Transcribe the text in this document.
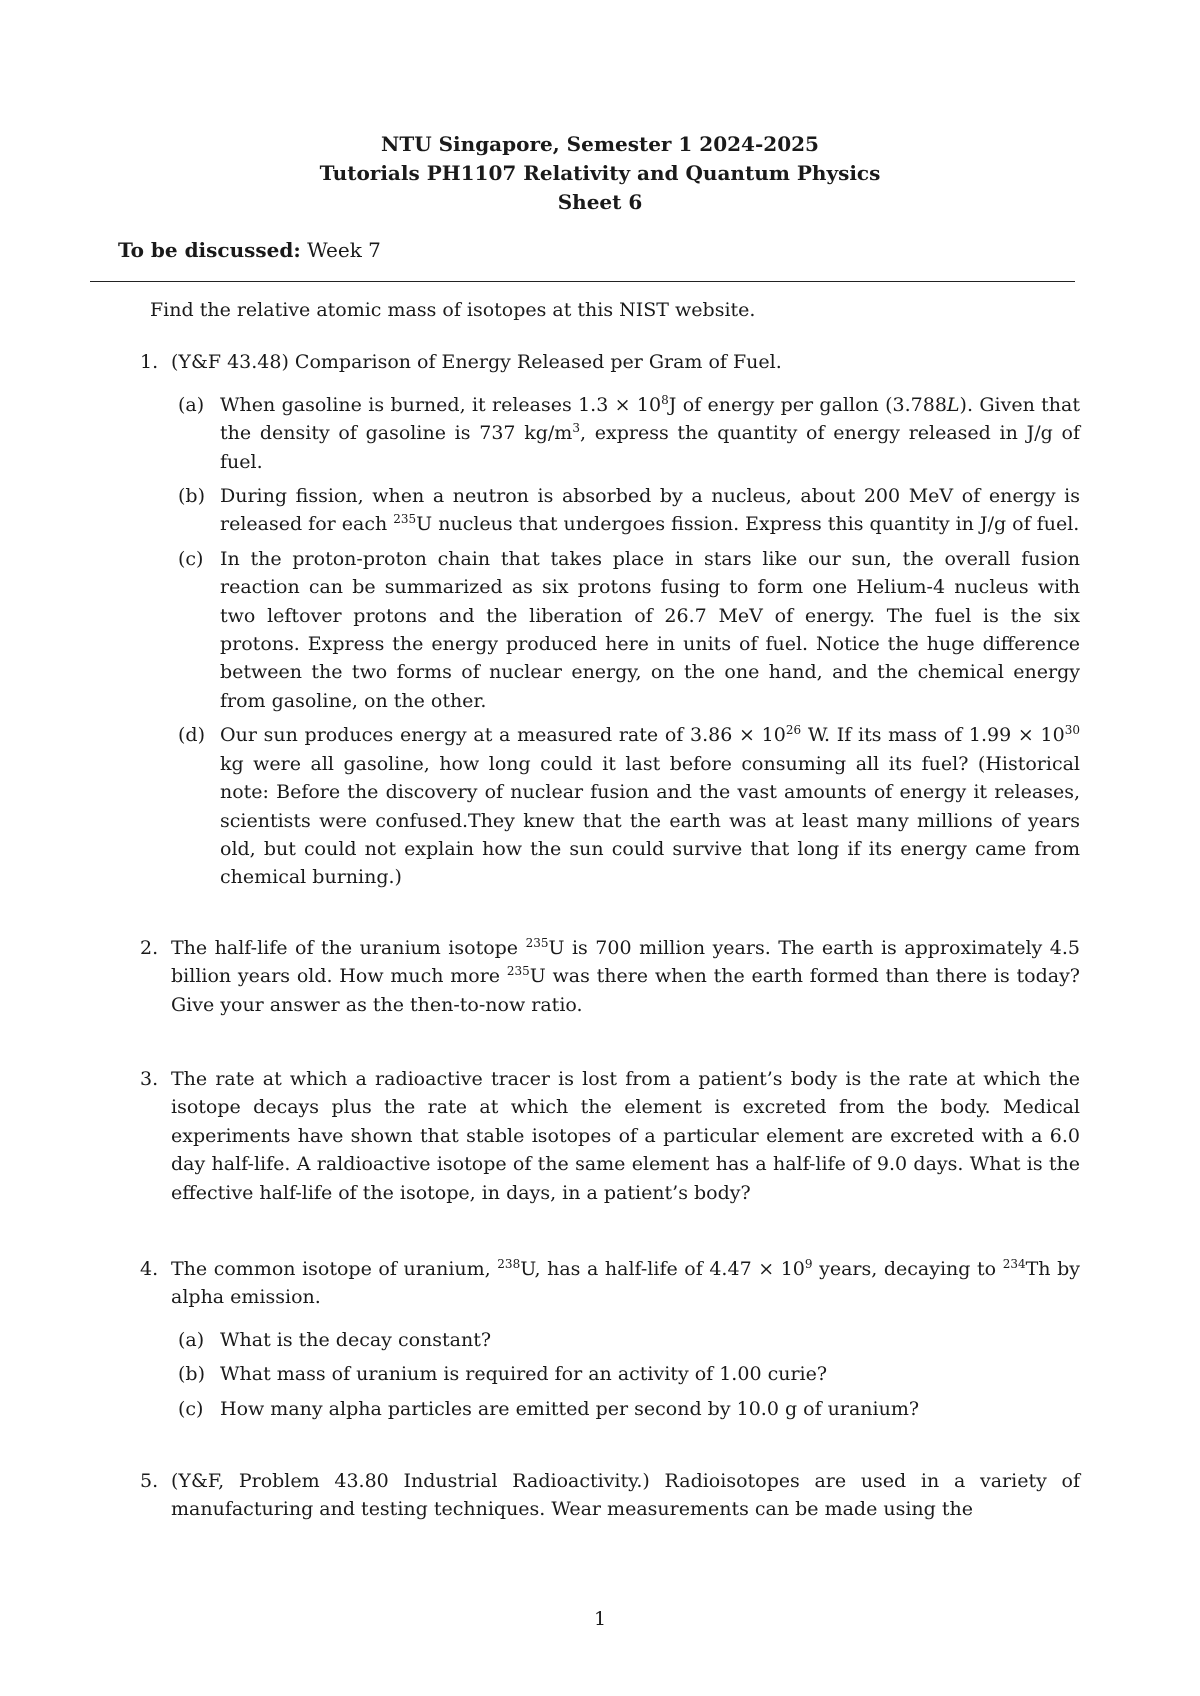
NTU Singapore, Semester 1 2024-2025
Tutorials PH1107 Relativity and Quantum Physics
Sheet 6
To be discussed: Week 7

Find the relative atomic mass of isotopes at this NIST website.

1. (Y&F 43.48) Comparison of Energy Released per Gram of Fuel.

(a) When gasoline is burned, it releases $1.3 \times 10^8J$ of energy per gallon (3.788L). Given that the density of gasoline is 737 $kg/m^3$, express the quantity of energy released in J/g of fuel.

(b) During fission, when a neutron is absorbed by a nucleus, about 200 MeV of energy is released for each $^{235}$U nucleus that undergoes fission. Express this quantity in J/g of fuel.

(c) In the proton-proton chain that takes place in stars like our sun, the overall fusion reaction can be summarized as six protons fusing to form one Helium-4 nucleus with two leftover protons and the liberation of 26.7 MeV of energy. The fuel is the six protons. Express the energy produced here in units of fuel. Notice the huge difference between the two forms of nuclear energy, on the one hand, and the chemical energy from gasoline, on the other.

(d) Our sun produces energy at a measured rate of $3.86 \times 10^{26}$ W. If its mass of $1.99 \times 10^{30}$ kg were all gasoline, how long could it last before consuming all its fuel? (Historical note: Before the discovery of nuclear fusion and the vast amounts of energy it releases, scientists were confused.They knew that the earth was at least many millions of years old, but could not explain how the sun could survive that long if its energy came from chemical burning.)

2. The half-life of the uranium isotope $^{235}$U is 700 million years. The earth is approximately 4.5 billion years old. How much more $^{235}$U was there when the earth formed than there is today? Give your answer as the then-to-now ratio.

3. The rate at which a radioactive tracer is lost from a patient’s body is the rate at which the isotope decays plus the rate at which the element is excreted from the body. Medical experiments have shown that stable isotopes of a particular element are excreted with a 6.0 day half-life. A raldioactive isotope of the same element has a half-life of 9.0 days. What is the effective half-life of the isotope, in days, in a patient’s body?

4. The common isotope of uranium, $^{238}$U, has a half-life of $4.47 \times 10^9$ years, decaying to $^{234}$Th by alpha emission.

(a) What is the decay constant?

(b) What mass of uranium is required for an activity of 1.00 curie?

(c) How many alpha particles are emitted per second by 10.0 g of uranium?

5. (Y&F, Problem 43.80 Industrial Radioactivity.) Radioisotopes are used in a variety of manufacturing and testing techniques. Wear measurements can be made using the

1
